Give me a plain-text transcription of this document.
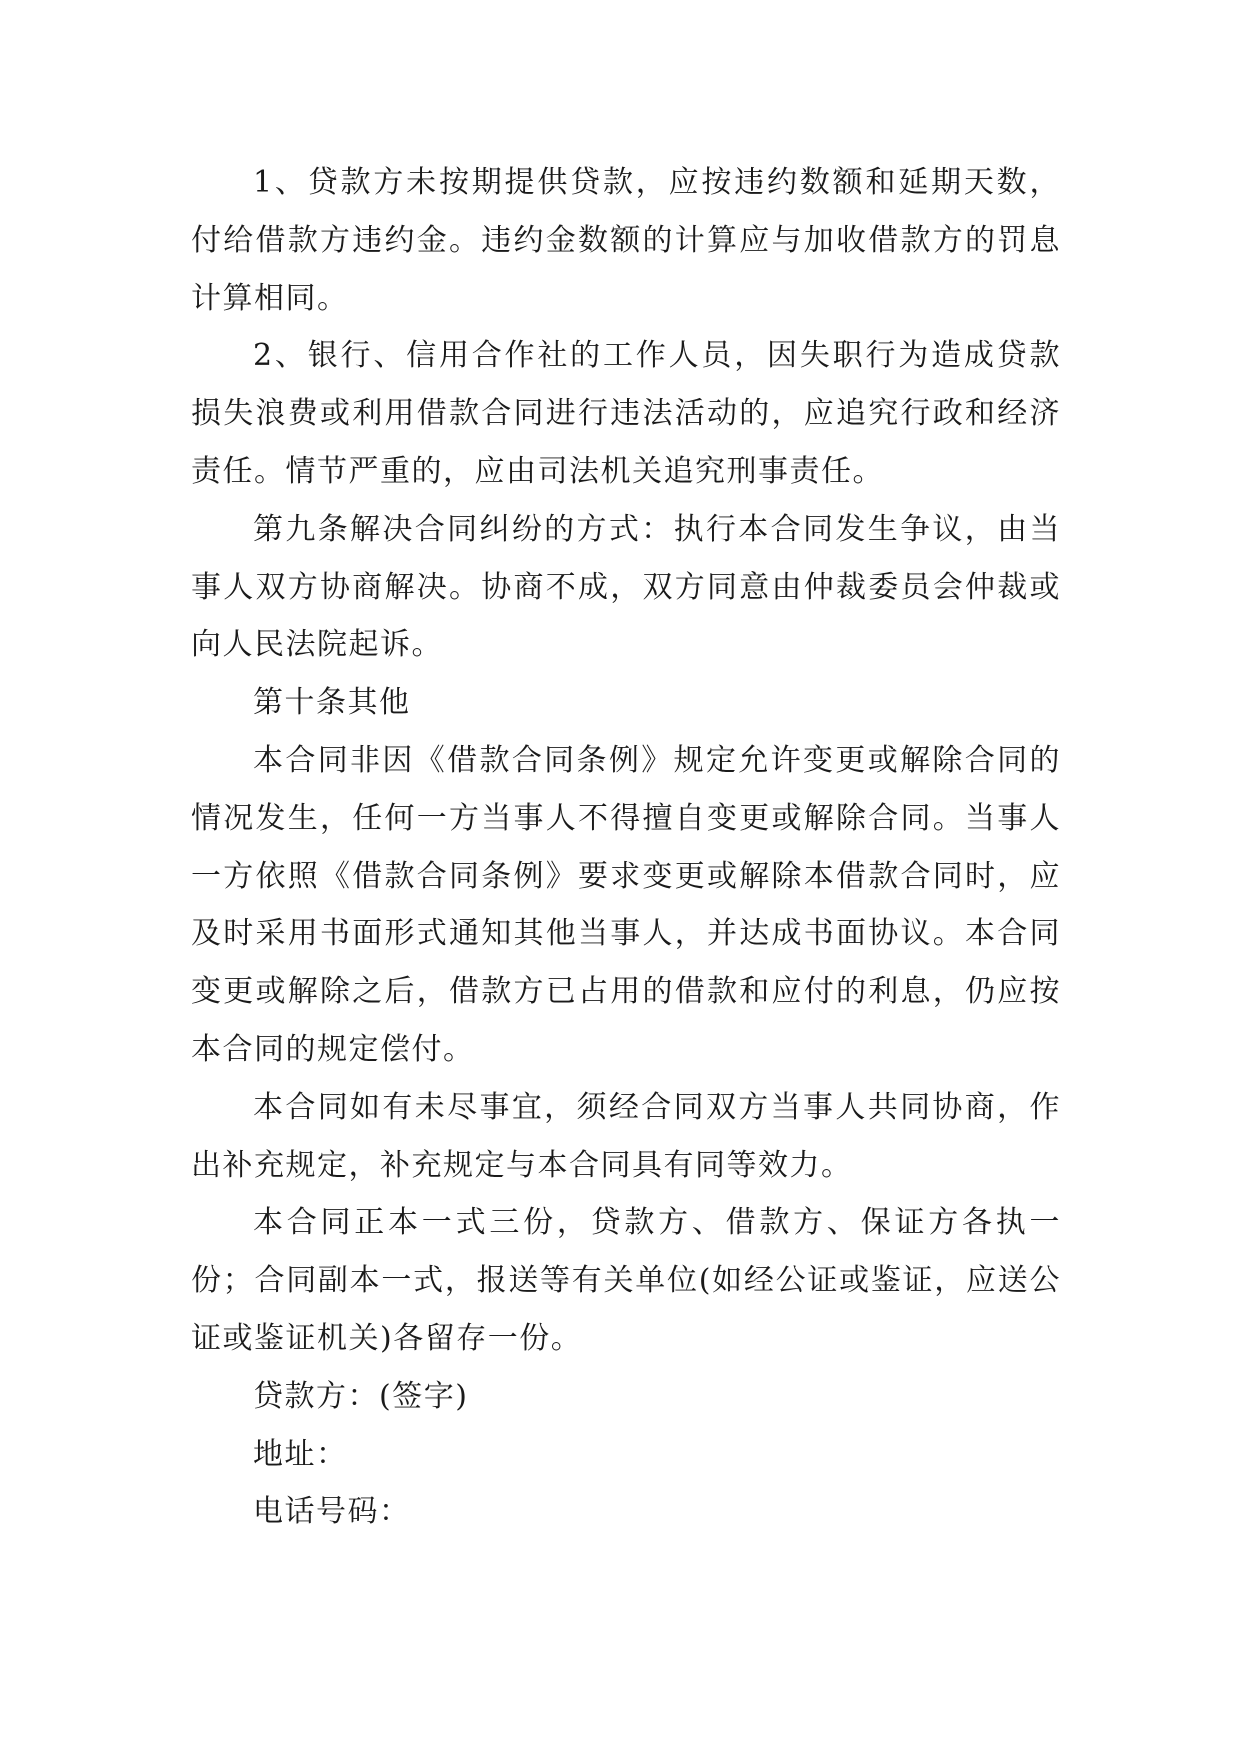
1、贷款方未按期提供贷款，应按违约数额和延期天数，付给借款方违约金。违约金数额的计算应与加收借款方的罚息计算相同。

2、银行、信用合作社的工作人员，因失职行为造成贷款损失浪费或利用借款合同进行违法活动的，应追究行政和经济责任。情节严重的，应由司法机关追究刑事责任。

第九条解决合同纠纷的方式：执行本合同发生争议，由当事人双方协商解决。协商不成，双方同意由仲裁委员会仲裁或向人民法院起诉。

第十条其他

本合同非因《借款合同条例》规定允许变更或解除合同的情况发生，任何一方当事人不得擅自变更或解除合同。当事人一方依照《借款合同条例》要求变更或解除本借款合同时，应及时采用书面形式通知其他当事人，并达成书面协议。本合同变更或解除之后，借款方已占用的借款和应付的利息，仍应按本合同的规定偿付。

本合同如有未尽事宜，须经合同双方当事人共同协商，作出补充规定，补充规定与本合同具有同等效力。

本合同正本一式三份，贷款方、借款方、保证方各执一份；合同副本一式，报送等有关单位(如经公证或鉴证，应送公证或鉴证机关)各留存一份。

贷款方：(签字)

地址：

电话号码：
